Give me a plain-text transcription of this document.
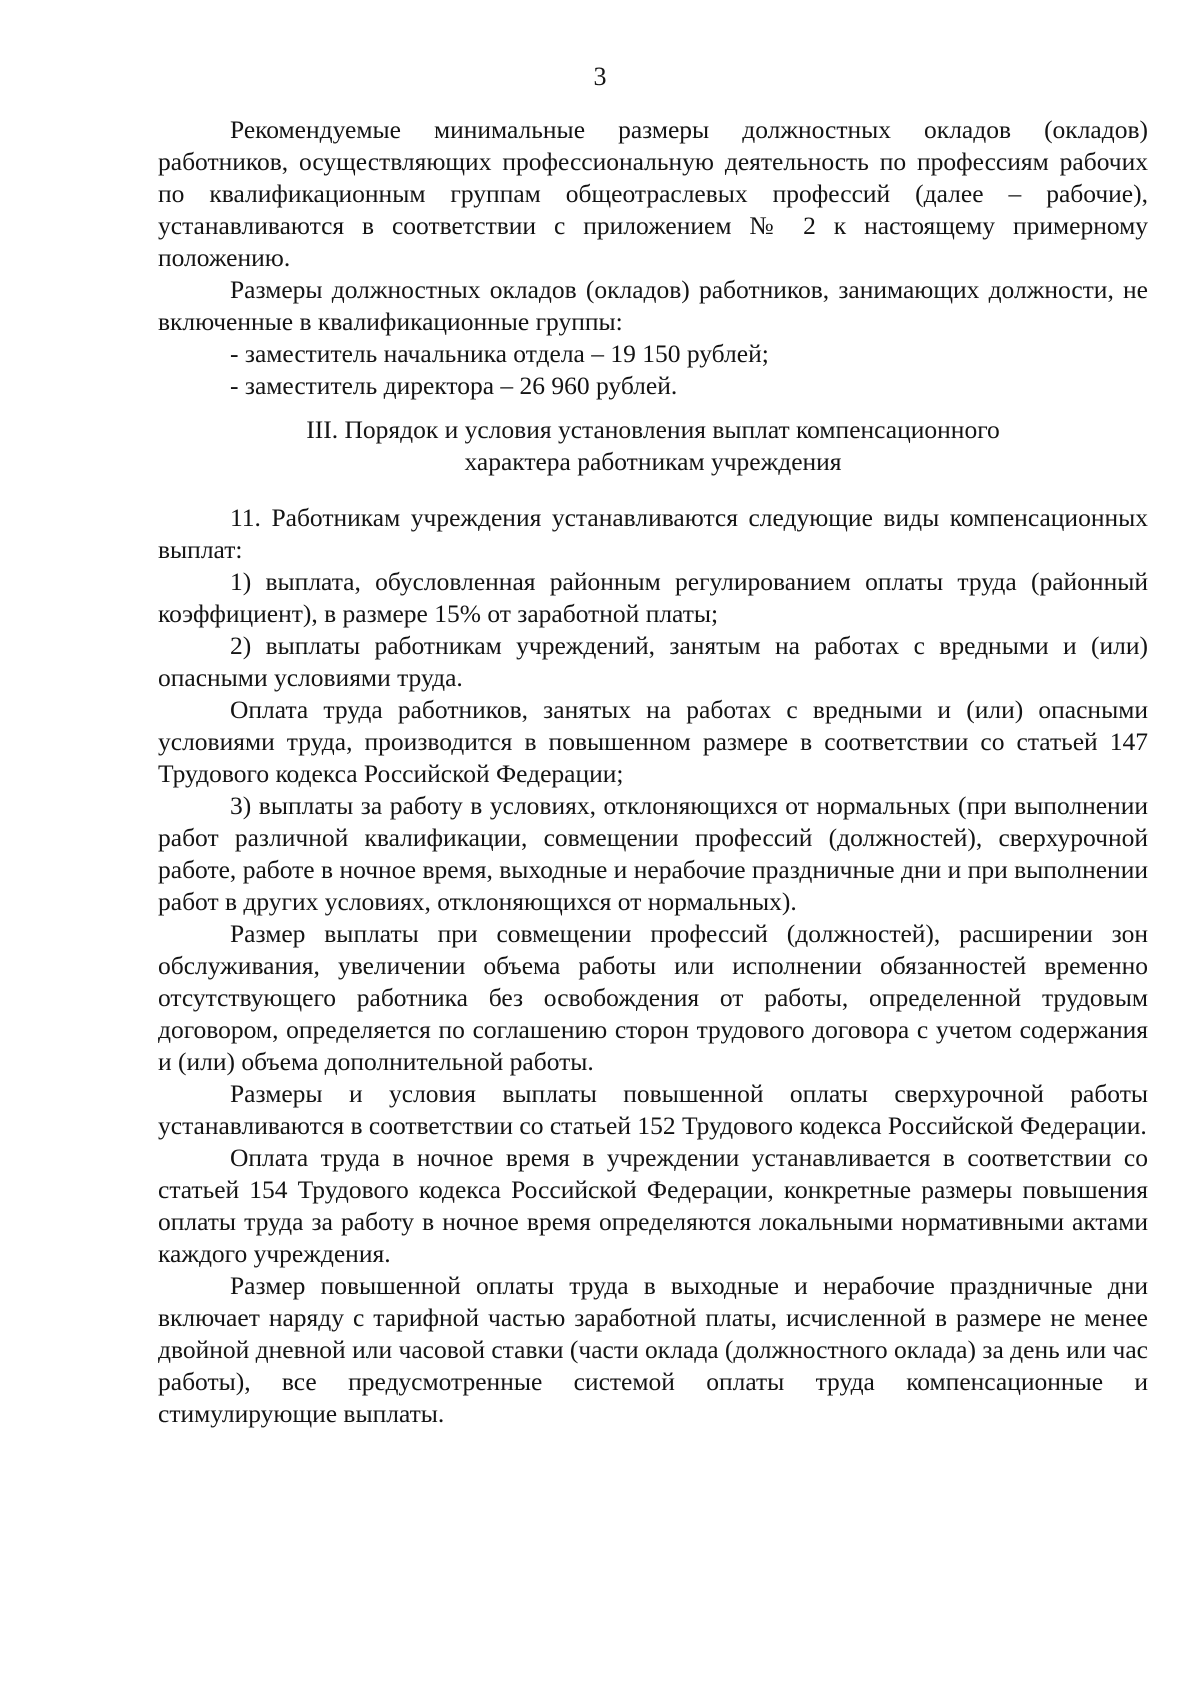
3

Рекомендуемые минимальные размеры должностных окладов (окладов) работников, осуществляющих профессиональную деятельность по профессиям рабочих по квалификационным группам общеотраслевых профессий (далее – рабочие), устанавливаются в соответствии с приложением № 2 к настоящему примерному положению.

Размеры должностных окладов (окладов) работников, занимающих должности, не включенные в квалификационные группы:

- заместитель начальника отдела – 19 150 рублей;

- заместитель директора – 26 960 рублей.

III. Порядок и условия установления выплат компенсационного
характера работникам учреждения

11. Работникам учреждения устанавливаются следующие виды компенсационных выплат:

1) выплата, обусловленная районным регулированием оплаты труда (районный коэффициент), в размере 15% от заработной платы;

2) выплаты работникам учреждений, занятым на работах с вредными и (или) опасными условиями труда.

Оплата труда работников, занятых на работах с вредными и (или) опасными условиями труда, производится в повышенном размере в соответствии со статьей 147 Трудового кодекса Российской Федерации;

3) выплаты за работу в условиях, отклоняющихся от нормальных (при выполнении работ различной квалификации, совмещении профессий (должностей), сверхурочной работе, работе в ночное время, выходные и нерабочие праздничные дни и при выполнении работ в других условиях, отклоняющихся от нормальных).

Размер выплаты при совмещении профессий (должностей), расширении зон обслуживания, увеличении объема работы или исполнении обязанностей временно отсутствующего работника без освобождения от работы, определенной трудовым договором, определяется по соглашению сторон трудового договора с учетом содержания и (или) объема дополнительной работы.

Размеры и условия выплаты повышенной оплаты сверхурочной работы устанавливаются в соответствии со статьей 152 Трудового кодекса Российской Федерации.

Оплата труда в ночное время в учреждении устанавливается в соответствии со статьей 154 Трудового кодекса Российской Федерации, конкретные размеры повышения оплаты труда за работу в ночное время определяются локальными нормативными актами каждого учреждения.

Размер повышенной оплаты труда в выходные и нерабочие праздничные дни включает наряду с тарифной частью заработной платы, исчисленной в размере не менее двойной дневной или часовой ставки (части оклада (должностного оклада) за день или час работы), все предусмотренные системой оплаты труда компенсационные и стимулирующие выплаты.
